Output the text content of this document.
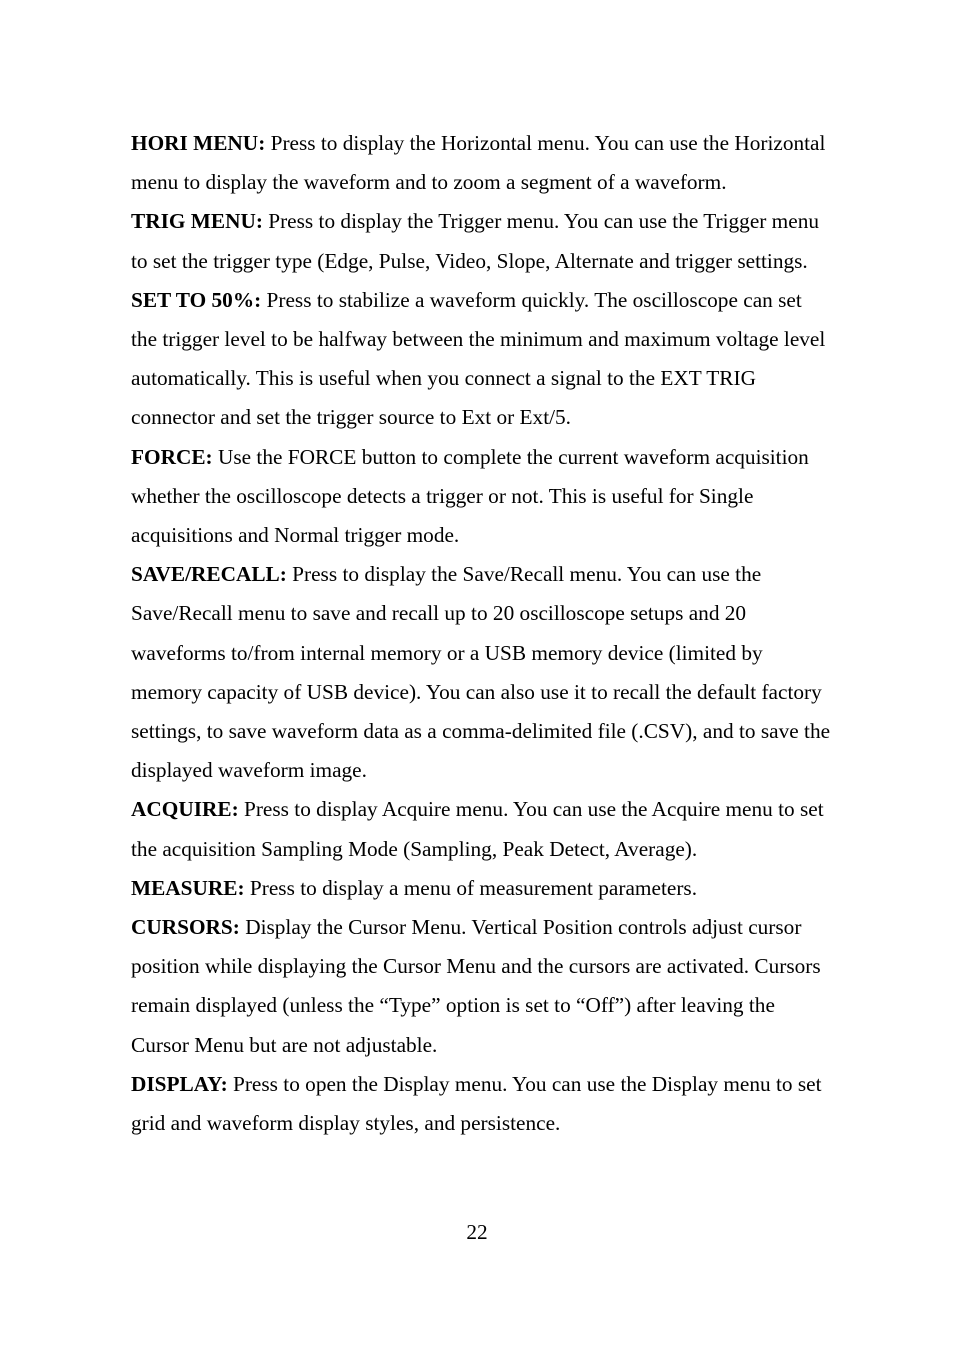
HORI MENU: Press to display the Horizontal menu. You can use the Horizontal menu to display the waveform and to zoom a segment of a waveform.

TRIG MENU: Press to display the Trigger menu. You can use the Trigger menu to set the trigger type (Edge, Pulse, Video, Slope, Alternate and trigger settings.

SET TO 50%: Press to stabilize a waveform quickly. The oscilloscope can set the trigger level to be halfway between the minimum and maximum voltage level automatically. This is useful when you connect a signal to the EXT TRIG connector and set the trigger source to Ext or Ext/5.

FORCE: Use the FORCE button to complete the current waveform acquisition whether the oscilloscope detects a trigger or not. This is useful for Single acquisitions and Normal trigger mode.

SAVE/RECALL: Press to display the Save/Recall menu. You can use the Save/Recall menu to save and recall up to 20 oscilloscope setups and 20 waveforms to/from internal memory or a USB memory device (limited by memory capacity of USB device). You can also use it to recall the default factory settings, to save waveform data as a comma-delimited file (.CSV), and to save the displayed waveform image.

ACQUIRE: Press to display Acquire menu. You can use the Acquire menu to set the acquisition Sampling Mode (Sampling, Peak Detect, Average).

MEASURE: Press to display a menu of measurement parameters.

CURSORS: Display the Cursor Menu. Vertical Position controls adjust cursor position while displaying the Cursor Menu and the cursors are activated. Cursors remain displayed (unless the “Type” option is set to “Off”) after leaving the Cursor Menu but are not adjustable.

DISPLAY: Press to open the Display menu. You can use the Display menu to set grid and waveform display styles, and persistence.

22
